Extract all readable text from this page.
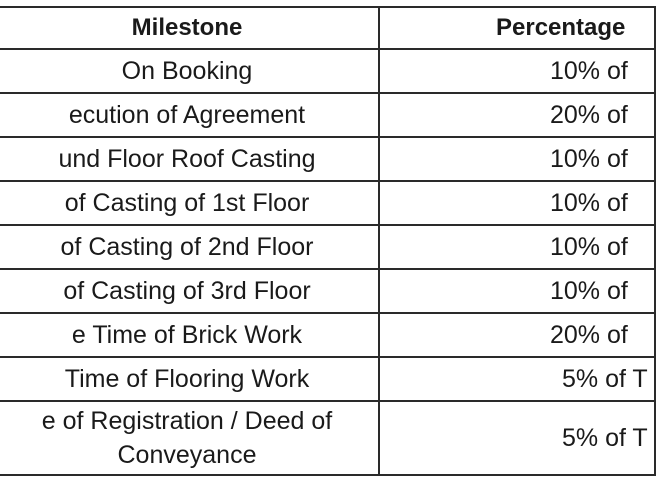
Milestone	Percentage
On Booking	10% of
ecution of Agreement	20% of
und Floor Roof Casting	10% of
of Casting of 1st Floor	10% of
of Casting of 2nd Floor	10% of
of Casting of 3rd Floor	10% of
e Time of Brick Work	20% of
Time of Flooring Work	5% of T

e of Registration / Deed of
Conveyance	5% of T
